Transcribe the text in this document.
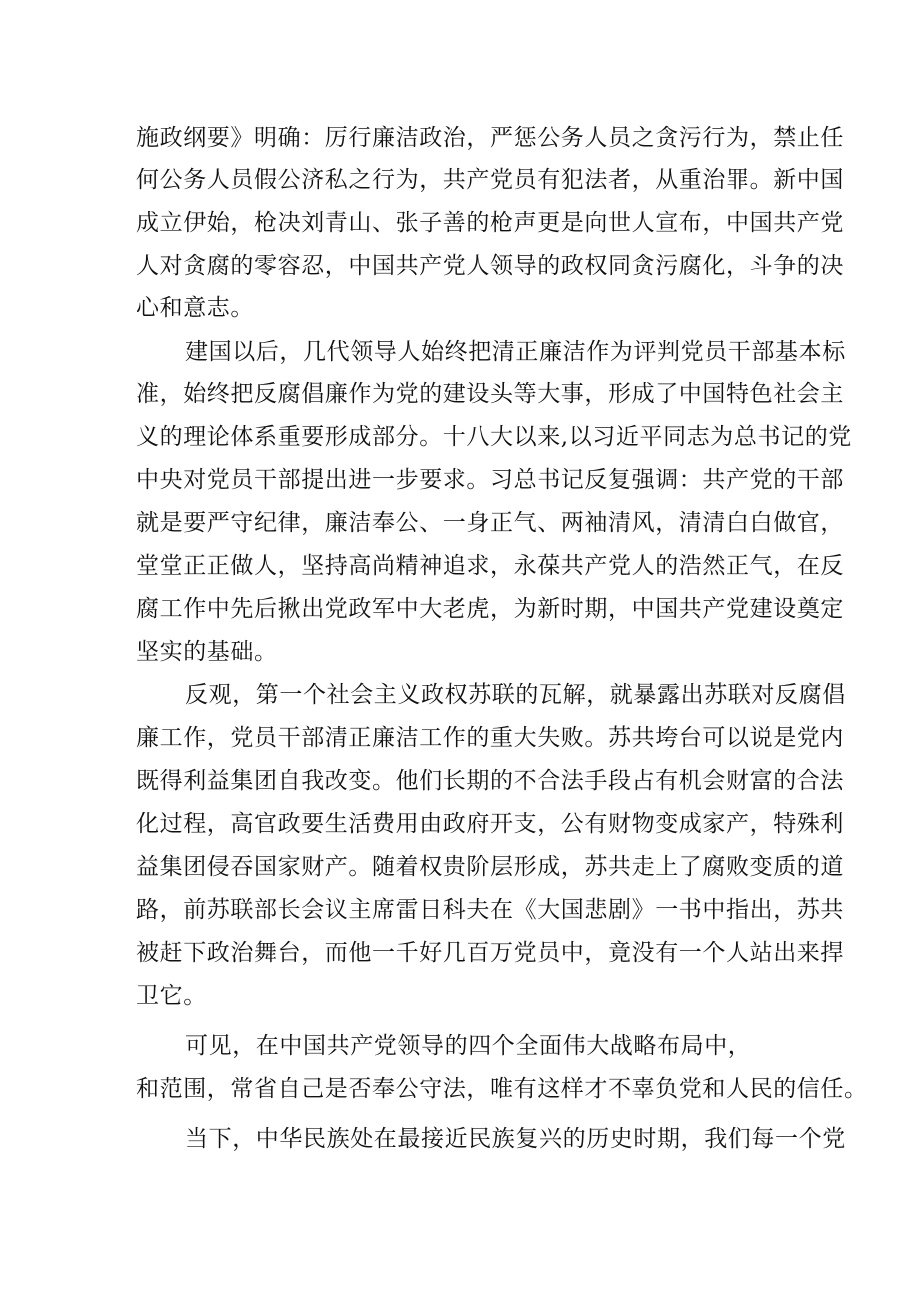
施政纲要》明确：厉行廉洁政治，严惩公务人员之贪污行为，禁止任
何公务人员假公济私之行为，共产党员有犯法者，从重治罪。新中国
成立伊始，枪决刘青山、张子善的枪声更是向世人宣布，中国共产党
人对贪腐的零容忍，中国共产党人领导的政权同贪污腐化，斗争的决
心和意志。
建国以后，几代领导人始终把清正廉洁作为评判党员干部基本标
准，始终把反腐倡廉作为党的建设头等大事，形成了中国特色社会主
义的理论体系重要形成部分。十八大以来,以习近平同志为总书记的党
中央对党员干部提出进一步要求。习总书记反复强调：共产党的干部
就是要严守纪律，廉洁奉公、一身正气、两袖清风，清清白白做官，
堂堂正正做人，坚持高尚精神追求，永葆共产党人的浩然正气，在反
腐工作中先后揪出党政军中大老虎，为新时期，中国共产党建设奠定
坚实的基础。
反观，第一个社会主义政权苏联的瓦解，就暴露出苏联对反腐倡
廉工作，党员干部清正廉洁工作的重大失败。苏共垮台可以说是党内
既得利益集团自我改变。他们长期的不合法手段占有机会财富的合法
化过程，高官政要生活费用由政府开支，公有财物变成家产，特殊利
益集团侵吞国家财产。随着权贵阶层形成，苏共走上了腐败变质的道
路，前苏联部长会议主席雷日科夫在《大国悲剧》一书中指出，苏共
被赶下政治舞台，而他一千好几百万党员中，竟没有一个人站出来捍
卫它。
可见，在中国共产党领导的四个全面伟大战略布局中，
和范围，常省自己是否奉公守法，唯有这样才不辜负党和人民的信任。
当下，中华民族处在最接近民族复兴的历史时期，我们每一个党
